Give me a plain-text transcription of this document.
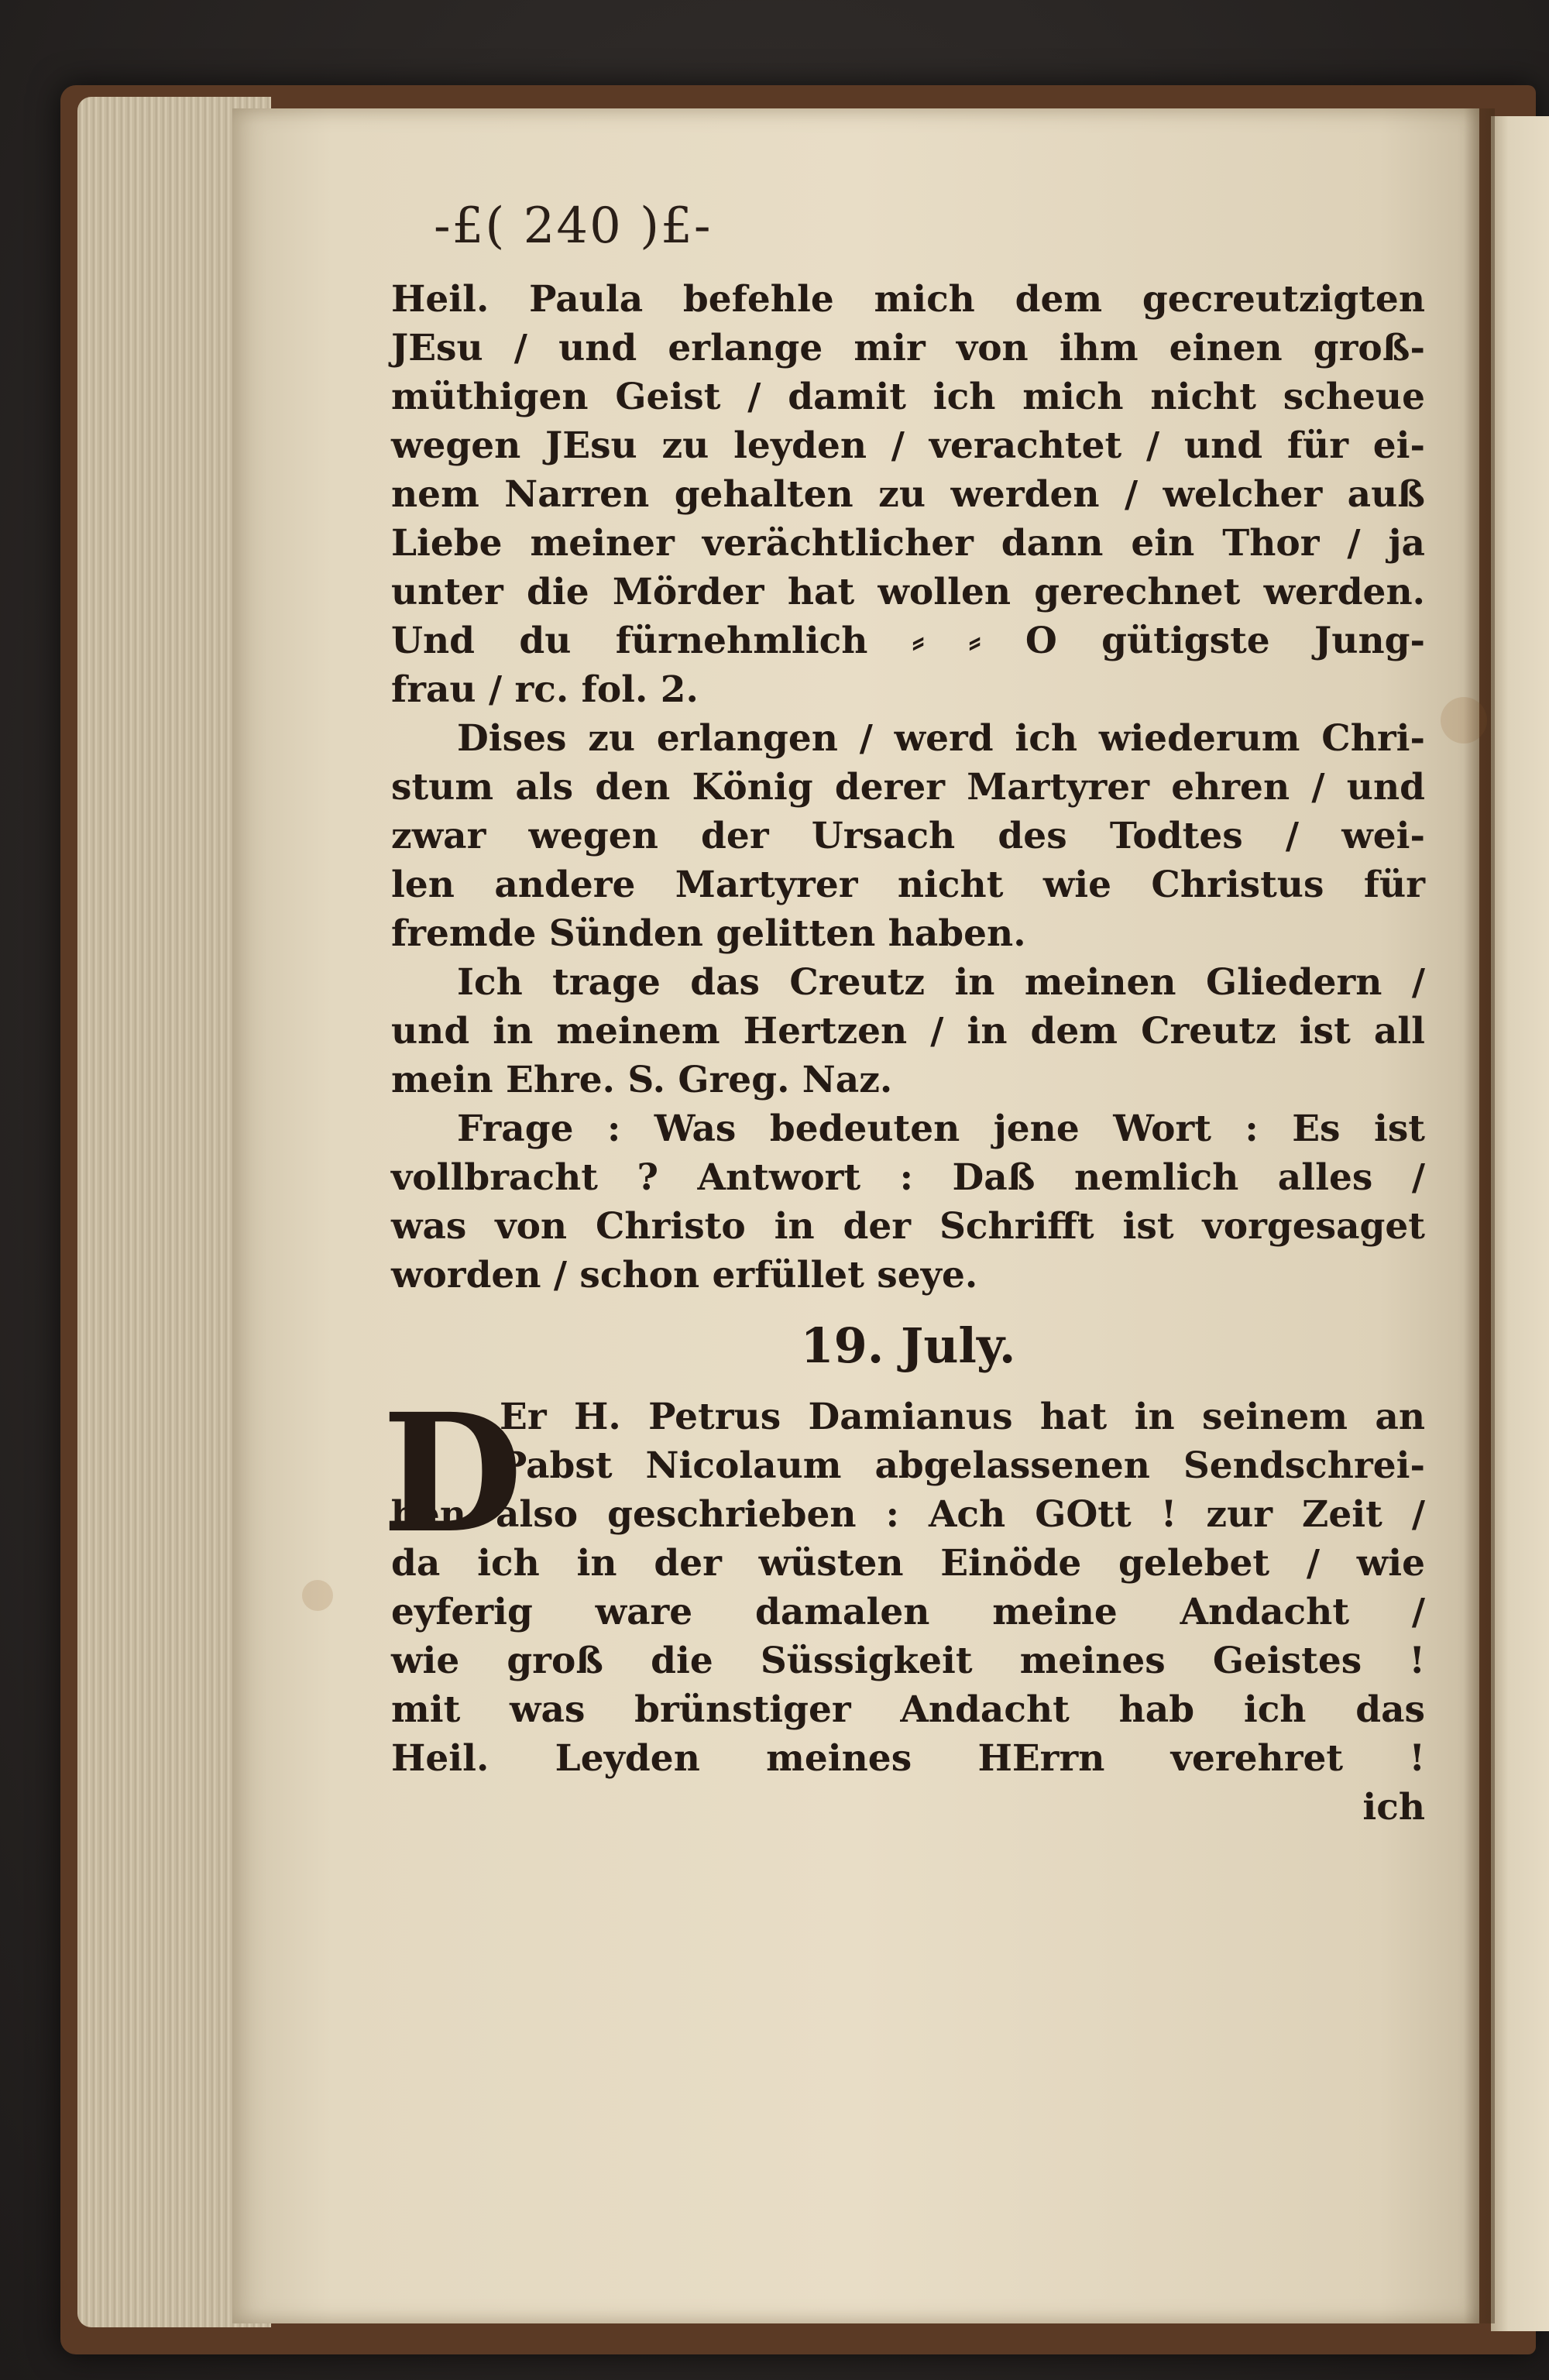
-£( 240 )£-
Heil. Paula befehle mich dem gecreutzigten
JEsu / und erlange mir von ihm einen groß-
müthigen Geist / damit ich mich nicht scheue
wegen JEsu zu leyden / verachtet / und für ei-
nem Narren gehalten zu werden / welcher auß
Liebe meiner verächtlicher dann ein Thor / ja
unter die Mörder hat wollen gerechnet werden.
Und du fürnehmlich ⸗ ⸗ O gütigste Jung-
frau / rc. fol. 2.
Dises zu erlangen / werd ich wiederum Chri-
stum als den König derer Martyrer ehren / und
zwar wegen der Ursach des Todtes / wei-
len andere Martyrer nicht wie Christus für
fremde Sünden gelitten haben.
Ich trage das Creutz in meinen Gliedern /
und in meinem Hertzen / in dem Creutz ist all
mein Ehre. S. Greg. Naz.
Frage : Was bedeuten jene Wort : Es ist
vollbracht ? Antwort : Daß nemlich alles /
was von Christo in der Schrifft ist vorgesaget
worden / schon erfüllet seye.
19. July.
D
Er H. Petrus Damianus hat in seinem an
Pabst Nicolaum abgelassenen Sendschrei-
ben also geschrieben : Ach GOtt ! zur Zeit /
da ich in der wüsten Einöde gelebet / wie
eyferig ware damalen meine Andacht /
wie groß die Süssigkeit meines Geistes !
mit was brünstiger Andacht hab ich das
Heil. Leyden meines HErrn verehret !
ich
